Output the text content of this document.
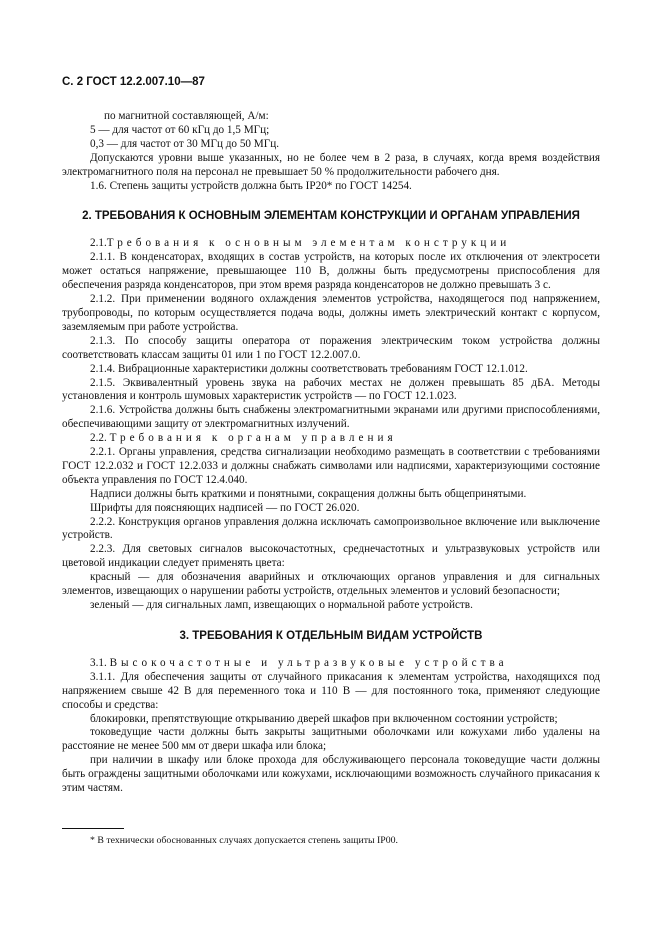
С. 2 ГОСТ 12.2.007.10—87

по магнитной составляющей, А/м:

5 — для частот от 60 кГц до 1,5 МГц;

0,3 — для частот от 30 МГц до 50 МГц.

Допускаются уровни выше указанных, но не более чем в 2 раза, в случаях, когда время воздействия электромагнитного поля на персонал не превышает 50 % продолжительности рабочего дня.

1.6. Степень защиты устройств должна быть IP20* по ГОСТ 14254.

2. ТРЕБОВАНИЯ К ОСНОВНЫМ ЭЛЕМЕНТАМ КОНСТРУКЦИИ И ОРГАНАМ УПРАВЛЕНИЯ

2.1.Требования к основным элементам конструкции

2.1.1. В конденсаторах, входящих в состав устройств, на которых после их отключения от электросети может остаться напряжение, превышающее 110 В, должны быть предусмотрены приспособления для обеспечения разряда конденсаторов, при этом время разряда конденсаторов не должно превышать 3 с.

2.1.2. При применении водяного охлаждения элементов устройства, находящегося под напряжением, трубопроводы, по которым осуществляется подача воды, должны иметь электрический контакт с корпусом, заземляемым при работе устройства.

2.1.3. По способу защиты оператора от поражения электрическим током устройства должны соответствовать классам защиты 01 или 1 по ГОСТ 12.2.007.0.

2.1.4. Вибрационные характеристики должны соответствовать требованиям ГОСТ 12.1.012.

2.1.5. Эквивалентный уровень звука на рабочих местах не должен превышать 85 дБА. Методы установления и контроль шумовых характеристик устройств — по ГОСТ 12.1.023.

2.1.6. Устройства должны быть снабжены электромагнитными экранами или другими приспособлениями, обеспечивающими защиту от электромагнитных излучений.

2.2. Требования к органам управления

2.2.1. Органы управления, средства сигнализации необходимо размещать в соответствии с требованиями ГОСТ 12.2.032 и ГОСТ 12.2.033 и должны снабжать символами или надписями, характеризующими состояние объекта управления по ГОСТ 12.4.040.

Надписи должны быть краткими и понятными, сокращения должны быть общепринятыми.

Шрифты для поясняющих надписей — по ГОСТ 26.020.

2.2.2. Конструкция органов управления должна исключать самопроизвольное включение или выключение устройств.

2.2.3. Для световых сигналов высокочастотных, среднечастотных и ультразвуковых устройств или цветовой индикации следует применять цвета:

красный — для обозначения аварийных и отключающих органов управления и для сигнальных элементов, извещающих о нарушении работы устройств, отдельных элементов и условий безопасности;

зеленый — для сигнальных ламп, извещающих о нормальной работе устройств.

3. ТРЕБОВАНИЯ К ОТДЕЛЬНЫМ ВИДАМ УСТРОЙСТВ

3.1. Высокочастотные и ультразвуковые устройства

3.1.1. Для обеспечения защиты от случайного прикасания к элементам устройства, находящихся под напряжением свыше 42 В для переменного тока и 110 В — для постоянного тока, применяют следующие способы и средства:

блокировки, препятствующие открыванию дверей шкафов при включенном состоянии устройств;

токоведущие части должны быть закрыты защитными оболочками или кожухами либо удалены на расстояние не менее 500 мм от двери шкафа или блока;

при наличии в шкафу или блоке прохода для обслуживающего персонала токоведущие части должны быть ограждены защитными оболочками или кожухами, исключающими возможность случайного прикасания к этим частям.

* В технически обоснованных случаях допускается степень защиты IP00.
